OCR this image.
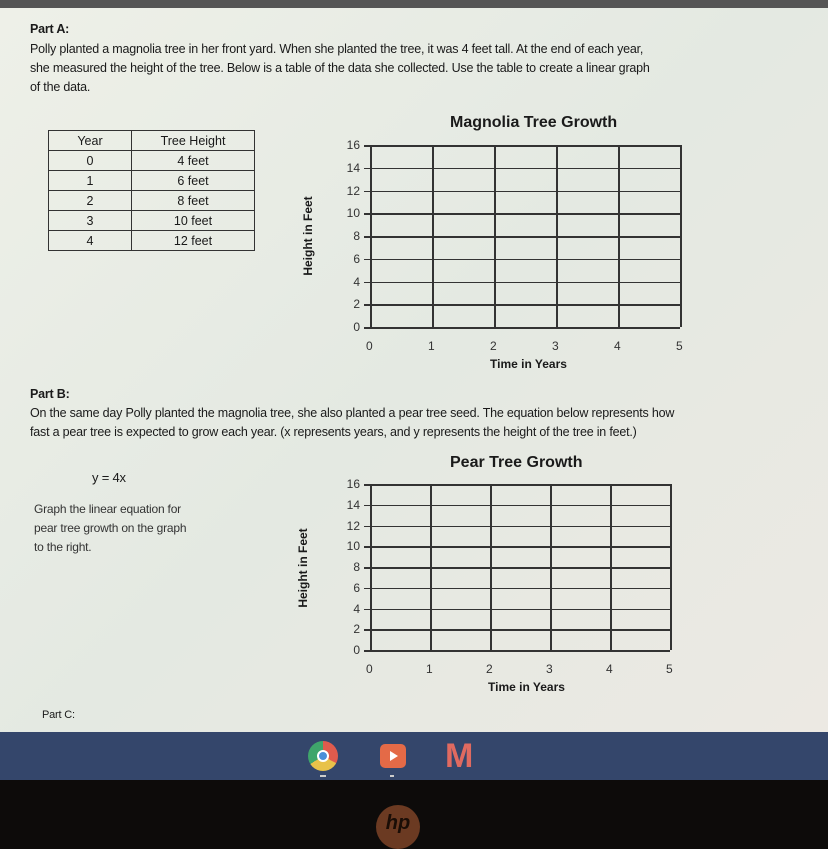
Part A:
Polly planted a magnolia tree in her front yard. When she planted the tree, it was 4 feet tall. At the end of each year,
she measured the height of the tree. Below is a table of the data she collected. Use the table to create a linear graph
of the data.
Year	Tree Height
0	4 feet
1	6 feet
2	8 feet
3	10 feet
4	12 feet
Part B:
On the same day Polly planted the magnolia tree, she also planted a pear tree seed. The equation below represents how
fast a pear tree is expected to grow each year. (x represents years, and y represents the height of the tree in feet.)
y = 4x
Graph the linear equation for
pear tree growth on the graph
to the right.
Part C:
Magnolia Tree Growth
Height in Feet
Time in Years
0
2
4
6
8
10
12
14
16
0	1	2	3	4	5
Pear Tree Growth
Height in Feet
Time in Years
0
2
4
6
8
10
12
14
16
0	1	2	3	4	5
M
hp
